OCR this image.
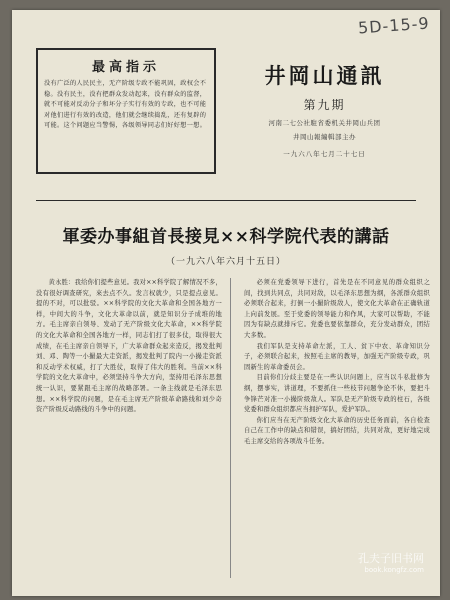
5D-15-9
最高指示
没有广泛的人民民主，无产阶级专政不能巩固，政权会不稳。没有民主，没有把群众发动起来，没有群众的监督，就不可能对反动分子和坏分子实行有效的专政，也不可能对他们进行有效的改造，他们就会继续捣乱，还有复辟的可能。这个问题应当警惕，各级领导同志们好好想一想。
井岡山通訊
第九期
河南二七公社駐省委机关井岡山兵团
井岡山報編輯部主办
一九六八年七月二十七日
軍委办事組首長接見××科学院代表的講話
（一九六八年六月十五日）

黄永胜：我给你们提些意见。我对××科学院了解情况不多，没有很好调查研究，來去点不久。发言权就少，只是提点意见。提的不对，可以批驳。××科学院的文化大革命和全国各地方一样，中间大的斗争，文化大革命以前，就是知识分子成堆的地方。毛主席亲自领导、发动了无产阶级文化大革命，××科学院的文化大革命和全国各地方一样，同志们打了很多仗，取得很大成绩，在毛主席亲自领导下，广大革命群众起来造反，揭发批判刘、邓、陶等一小撮最大走资派，揭发批判了院内一小撮走资派和反动学术权威，打了大胜仗，取得了伟大的胜利。当前××科学院的文化大革命中，必须坚持斗争大方向，坚持用毛泽东思想统一认识，要紧跟毛主席的战略部署。一条主线就是毛泽东思想。××科学院的问题，是在毛主席无产阶级革命路线和刘少奇资产阶级反动路线的斗争中的问题。

必须在党委领导下进行，首先是在不同意见的群众组织之间，找到共同点，共同对敌，以毛泽东思想为纲，各派群众组织必须联合起来，打倒一小撮阶级敌人，使文化大革命在正确轨道上向前发展。至于党委的领导能力和作风，大家可以帮助，不能因为有缺点就排斥它。党委也要依靠群众，充分发动群众，团结大多数。

我们军队是支持革命左派，工人、贫下中农、革命知识分子，必须联合起来，按照毛主席的教导，加强无产阶级专政，巩固新生的革命委员会。

目前你们分歧主要是在一些认识问题上，应当以斗私批修为纲，摆事实，讲道理，不要抓住一些枝节问题争论不休，要把斗争锋芒对准一小撮阶级敌人。军队是无产阶级专政的柱石，各级党委和群众组织都应当拥护军队，爱护军队。

你们应当在无产阶级文化大革命的历史任务面前，各自检查自己在工作中的缺点和错误，搞好团结，共同对敌，更好地完成毛主席交给的各项战斗任务。

孔夫子旧书网
book.kongfz.com
